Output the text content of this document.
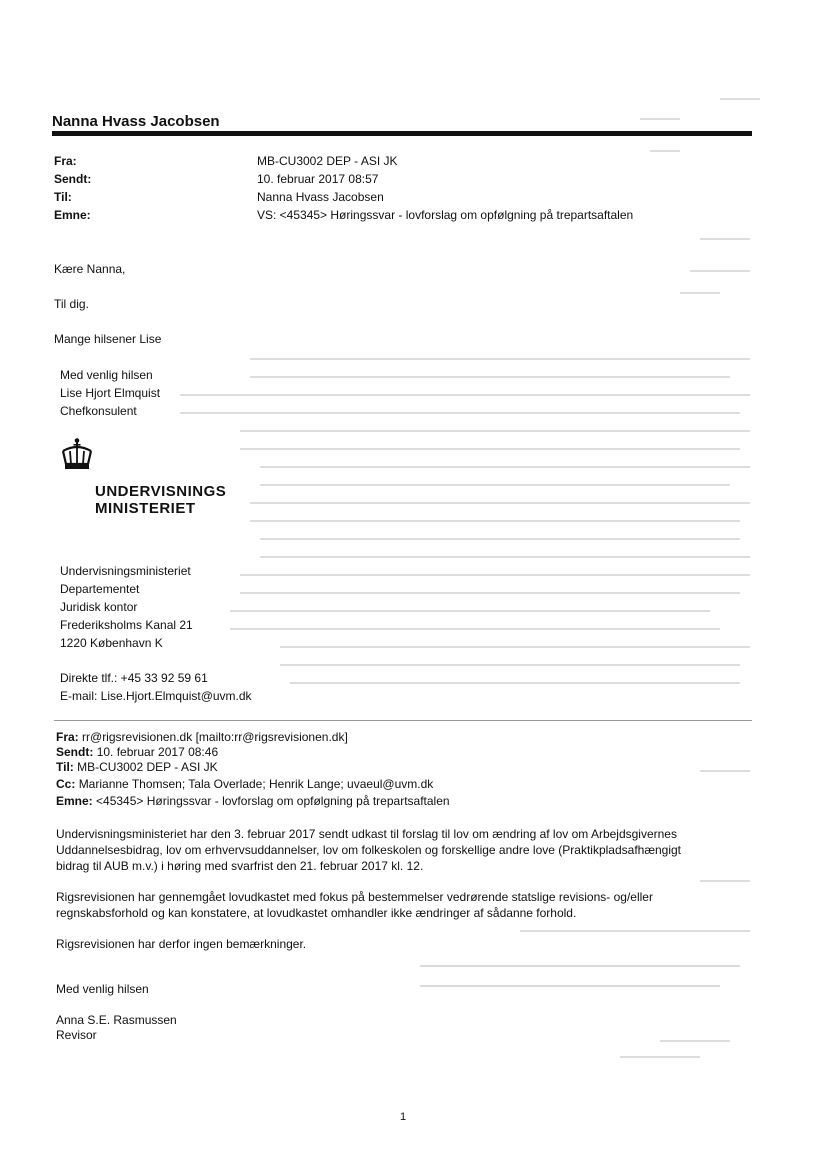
Nanna Hvass Jacobsen
Fra:	MB-CU3002 DEP - ASI JK
Sendt:	10. februar 2017 08:57
Til:	Nanna Hvass Jacobsen
Emne:	VS: <45345> Høringssvar - lovforslag om opfølgning på trepartsaftalen
Kære Nanna,
Til dig.
Mange hilsener Lise
Med venlig hilsen
Lise Hjort Elmquist
Chefkonsulent
UNDERVISNINGS
MINISTERIET
Undervisningsministeriet
Departementet
Juridisk kontor
Frederiksholms Kanal 21
1220 København K
Direkte tlf.: +45 33 92 59 61
E-mail: Lise.Hjort.Elmquist@uvm.dk
Fra: rr@rigsrevisionen.dk [mailto:rr@rigsrevisionen.dk]
Sendt: 10. februar 2017 08:46
Til: MB-CU3002 DEP - ASI JK
Cc: Marianne Thomsen; Tala Overlade; Henrik Lange; uvaeul@uvm.dk
Emne: <45345> Høringssvar - lovforslag om opfølgning på trepartsaftalen
Undervisningsministeriet har den 3. februar 2017 sendt udkast til forslag til lov om ændring af lov om Arbejdsgivernes
Uddannelsesbidrag, lov om erhvervsuddannelser, lov om folkeskolen og forskellige andre love (Praktikpladsafhængigt
bidrag til AUB m.v.) i høring med svarfrist den 21. februar 2017 kl. 12.
Rigsrevisionen har gennemgået lovudkastet med fokus på bestemmelser vedrørende statslige revisions- og/eller
regnskabsforhold og kan konstatere, at lovudkastet omhandler ikke ændringer af sådanne forhold.
Rigsrevisionen har derfor ingen bemærkninger.
Med venlig hilsen
Anna S.E. Rasmussen
Revisor
1
